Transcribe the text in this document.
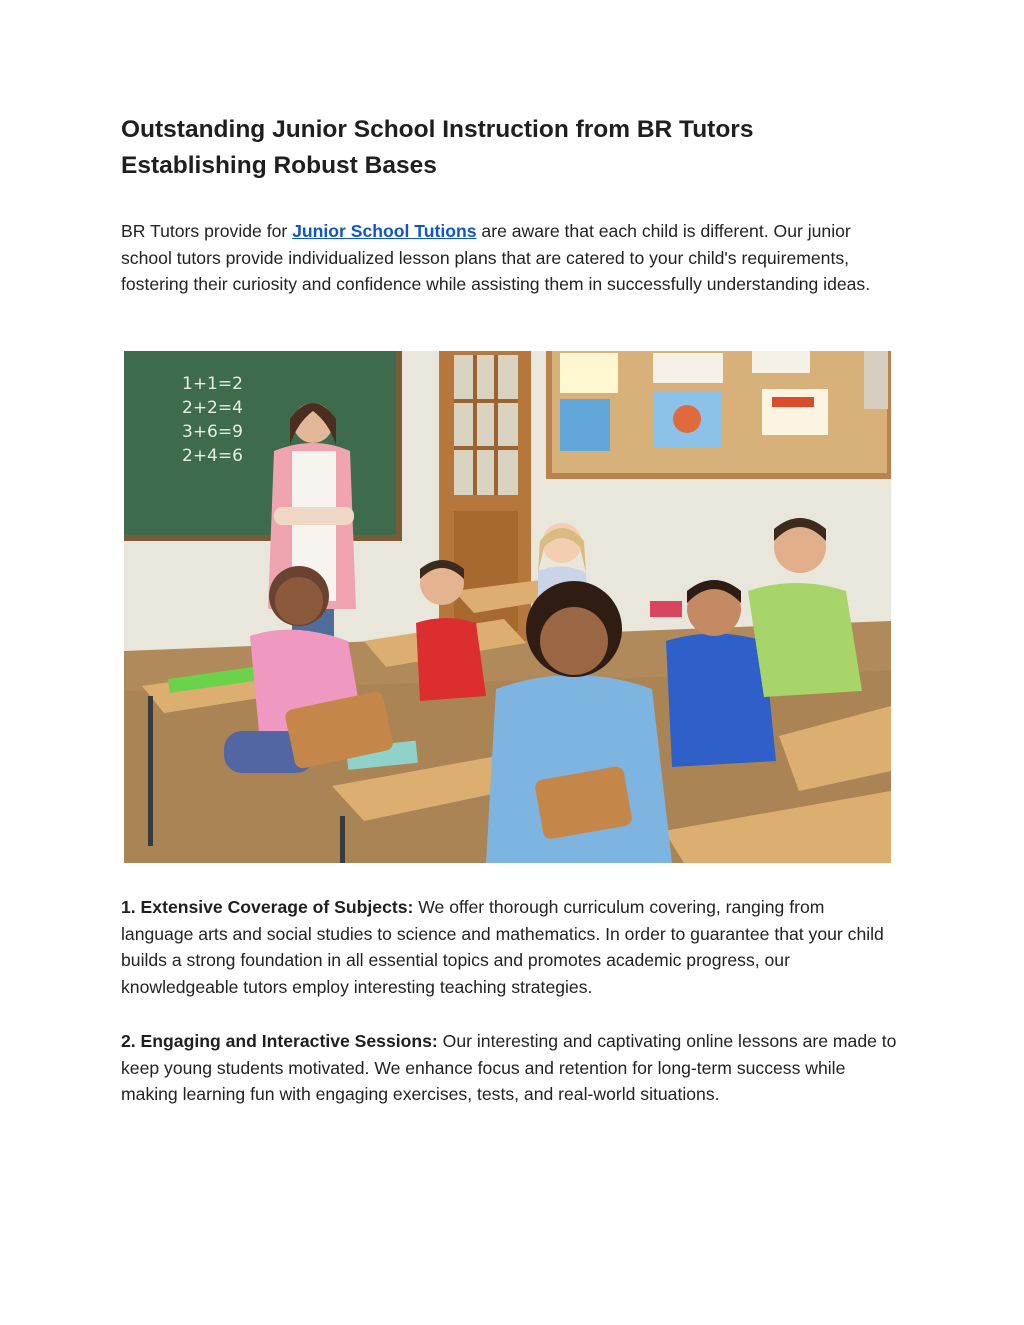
Outstanding Junior School Instruction from BR Tutors Establishing Robust Bases

BR Tutors provide for Junior School Tutions are aware that each child is different. Our junior school tutors provide individualized lesson plans that are catered to your child's requirements, fostering their curiosity and confidence while assisting them in successfully understanding ideas.

1+1=2
2+2=4
3+6=9
2+4=6

1. Extensive Coverage of Subjects: We offer thorough curriculum covering, ranging from language arts and social studies to science and mathematics. In order to guarantee that your child builds a strong foundation in all essential topics and promotes academic progress, our knowledgeable tutors employ interesting teaching strategies.

2. Engaging and Interactive Sessions: Our interesting and captivating online lessons are made to keep young students motivated. We enhance focus and retention for long-term success while making learning fun with engaging exercises, tests, and real-world situations.
